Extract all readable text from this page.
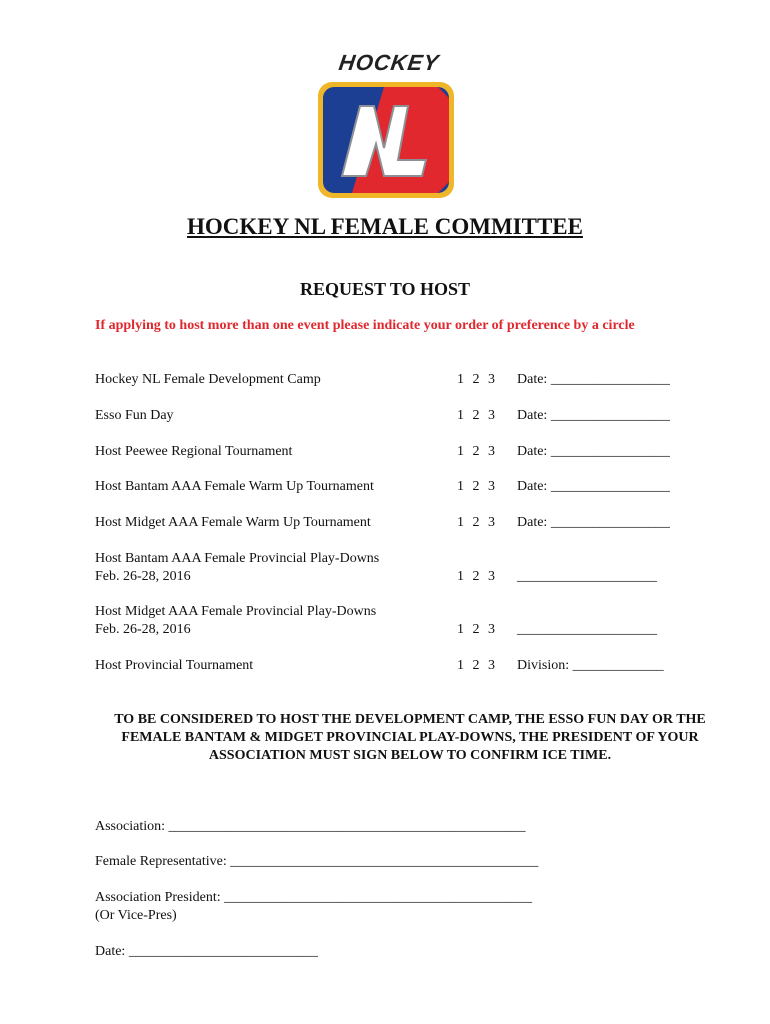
HOCKEY
HOCKEY NL FEMALE COMMITTEE
REQUEST TO HOST
If applying to host more than one event please indicate your order of preference by a circle
Hockey NL Female Development Camp	1 2 3 Date: _________________
Esso Fun Day	1 2 3 Date: _________________
Host Peewee Regional Tournament	1 2 3 Date: _________________
Host Bantam AAA Female Warm Up Tournament	1 2 3 Date: _________________
Host Midget AAA Female Warm Up Tournament	1 2 3 Date: _________________
Host Bantam AAA Female Provincial Play-Downs
Feb. 26-28, 2016	1 2 3 ____________________
Host Midget AAA Female Provincial Play-Downs
Feb. 26-28, 2016	1 2 3 ____________________
Host Provincial Tournament	1 2 3 Division: _____________
TO BE CONSIDERED TO HOST THE DEVELOPMENT CAMP, THE ESSO FUN DAY OR THE FEMALE BANTAM & MIDGET PROVINCIAL PLAY-DOWNS, THE PRESIDENT OF YOUR ASSOCIATION MUST SIGN BELOW TO CONFIRM ICE TIME.
Association: ___________________________________________________
Female Representative: ____________________________________________
Association President: ____________________________________________
(Or Vice-Pres)
Date: ___________________________
